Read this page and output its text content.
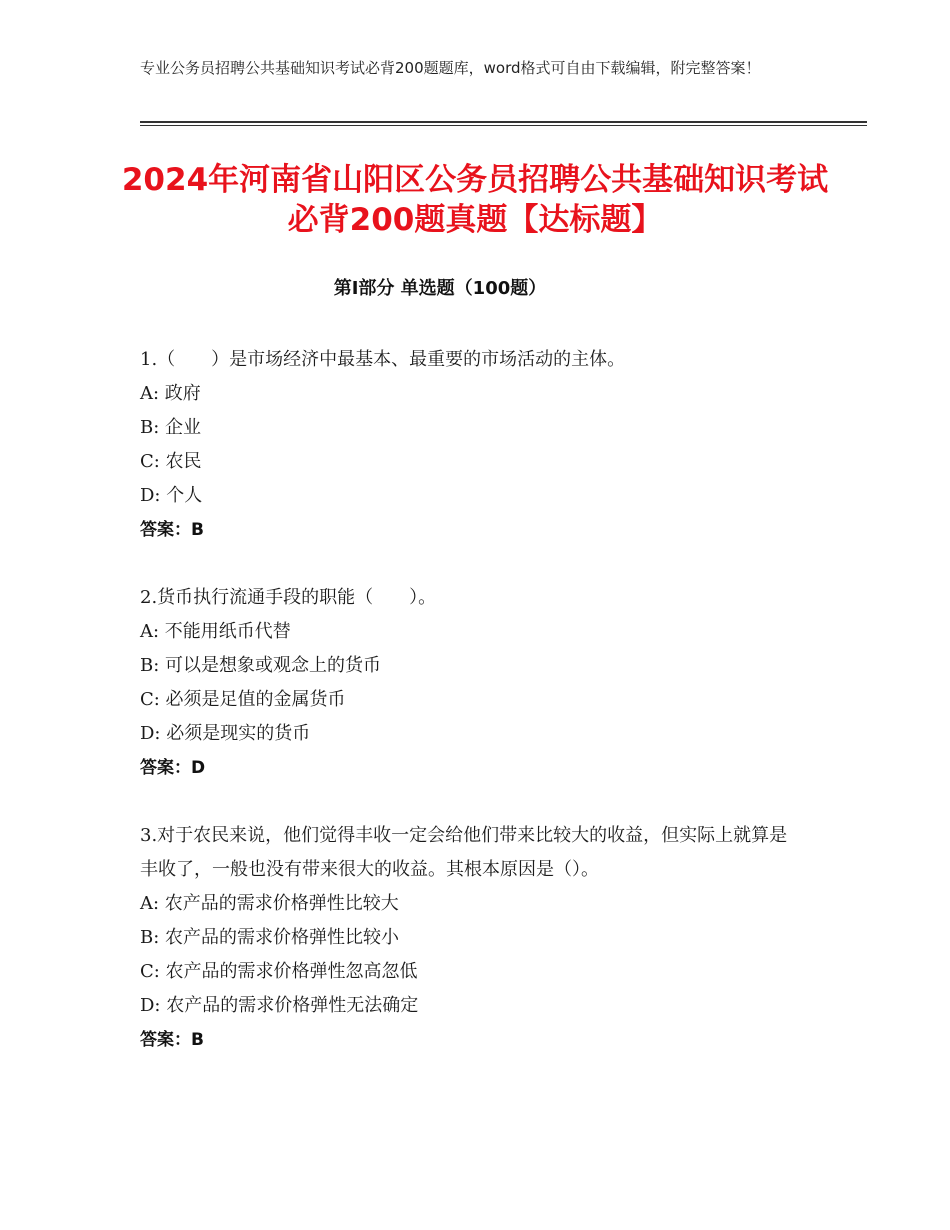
专业公务员招聘公共基础知识考试必背200题题库，word格式可自由下载编辑，附完整答案！
2024年河南省山阳区公务员招聘公共基础知识考试必背200题真题【达标题】
第I部分 单选题（100题）
1.（　　）是市场经济中最基本、最重要的市场活动的主体。
A: 政府
B: 企业
C: 农民
D: 个人
答案：B
2.货币执行流通手段的职能（　　）。
A: 不能用纸币代替
B: 可以是想象或观念上的货币
C: 必须是足值的金属货币
D: 必须是现实的货币
答案：D
3.对于农民来说，他们觉得丰收一定会给他们带来比较大的收益，但实际上就算是丰收了，一般也没有带来很大的收益。其根本原因是（）。
A: 农产品的需求价格弹性比较大
B: 农产品的需求价格弹性比较小
C: 农产品的需求价格弹性忽高忽低
D: 农产品的需求价格弹性无法确定
答案：B
